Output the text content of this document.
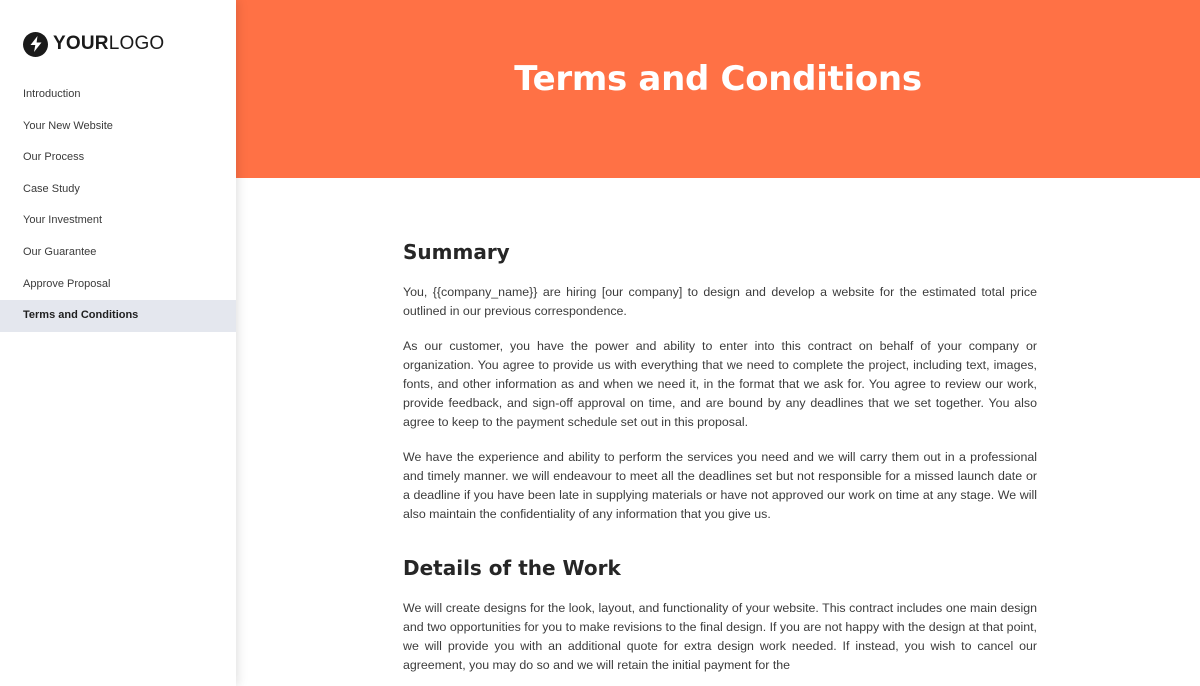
YOURLOGO
Introduction
Your New Website
Our Process
Case Study
Your Investment
Our Guarantee
Approve Proposal
Terms and Conditions
Terms and Conditions
Summary

You, {{company_name}} are hiring [our company] to design and develop a website for the estimated total price outlined in our previous correspondence.

As our customer, you have the power and ability to enter into this contract on behalf of your company or organization. You agree to provide us with everything that we need to complete the project, including text, images, fonts, and other information as and when we need it, in the format that we ask for. You agree to review our work, provide feedback, and sign-off approval on time, and are bound by any deadlines that we set together. You also agree to keep to the payment schedule set out in this proposal.

We have the experience and ability to perform the services you need and we will carry them out in a professional and timely manner. we will endeavour to meet all the deadlines set but not responsible for a missed launch date or a deadline if you have been late in supplying materials or have not approved our work on time at any stage. We will also maintain the confidentiality of any information that you give us.

Details of the Work

We will create designs for the look, layout, and functionality of your website. This contract includes one main design and two opportunities for you to make revisions to the final design. If you are not happy with the design at that point, we will provide you with an additional quote for extra design work needed. If instead, you wish to cancel our agreement, you may do so and we will retain the initial payment for the
